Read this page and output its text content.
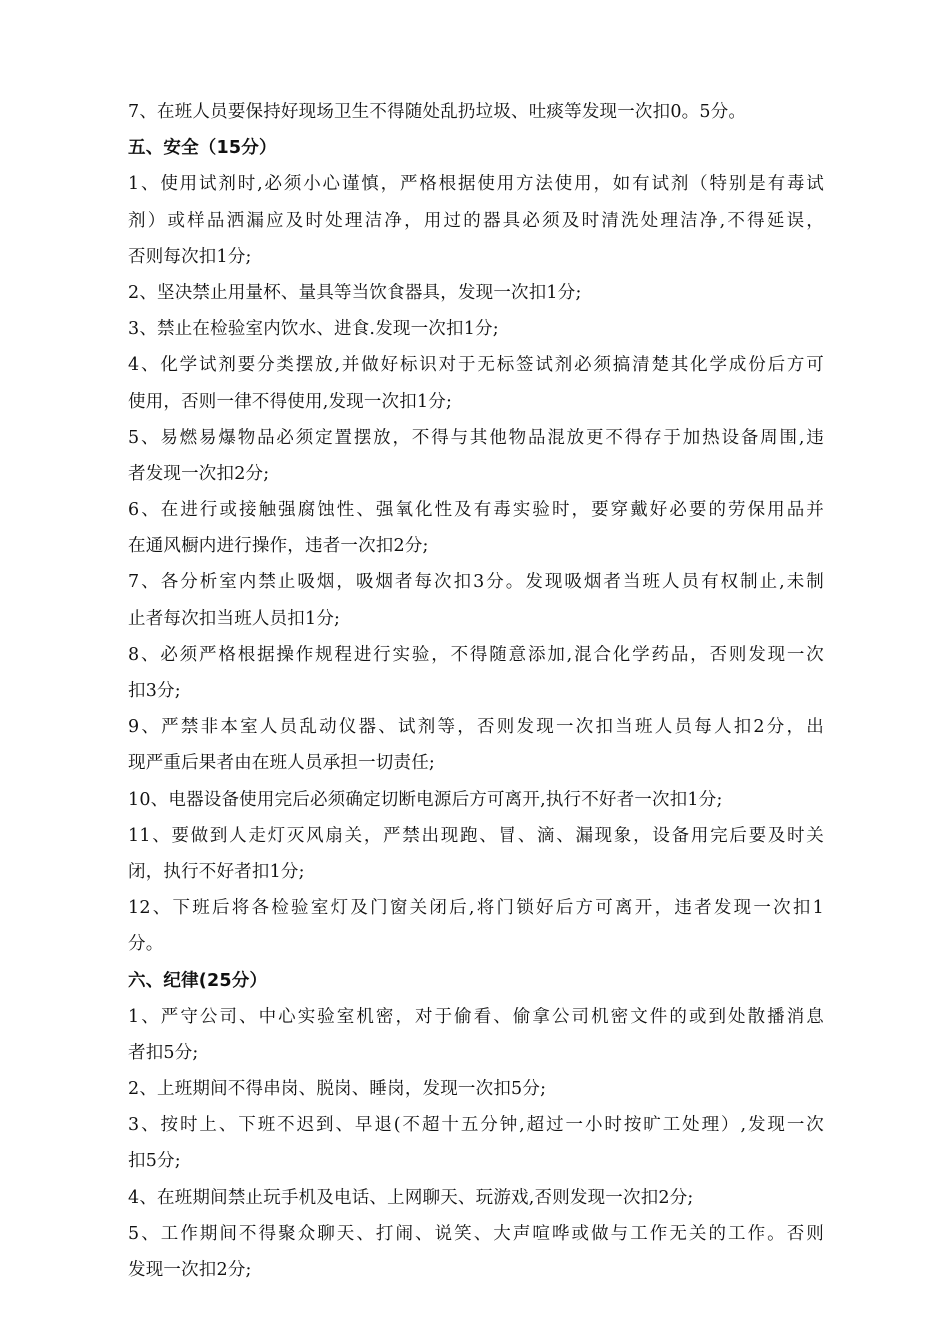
7、在班人员要保持好现场卫生不得随处乱扔垃圾、吐痰等发现一次扣0。5分。
五、安全（15分）
1、使用试剂时,必须小心谨慎，严格根据使用方法使用，如有试剂（特别是有毒试
剂）或样品洒漏应及时处理洁净，用过的器具必须及时清洗处理洁净,不得延误，
否则每次扣1分;
2、坚决禁止用量杯、量具等当饮食器具，发现一次扣1分;
3、禁止在检验室内饮水、进食.发现一次扣1分;
4、化学试剂要分类摆放,并做好标识对于无标签试剂必须搞清楚其化学成份后方可
使用，否则一律不得使用,发现一次扣1分;
5、易燃易爆物品必须定置摆放，不得与其他物品混放更不得存于加热设备周围,违
者发现一次扣2分;
6、在进行或接触强腐蚀性、强氧化性及有毒实验时，要穿戴好必要的劳保用品并
在通风橱内进行操作，违者一次扣2分;
7、各分析室内禁止吸烟，吸烟者每次扣3分。发现吸烟者当班人员有权制止,未制
止者每次扣当班人员扣1分;
8、必须严格根据操作规程进行实验，不得随意添加,混合化学药品，否则发现一次
扣3分;
9、严禁非本室人员乱动仪器、试剂等，否则发现一次扣当班人员每人扣2分，出
现严重后果者由在班人员承担一切责任;
10、电器设备使用完后必须确定切断电源后方可离开,执行不好者一次扣1分;
11、要做到人走灯灭风扇关，严禁出现跑、冒、滴、漏现象，设备用完后要及时关
闭，执行不好者扣1分;
12、下班后将各检验室灯及门窗关闭后,将门锁好后方可离开，违者发现一次扣1
分。
六、纪律(25分）
1、严守公司、中心实验室机密，对于偷看、偷拿公司机密文件的或到处散播消息
者扣5分;
2、上班期间不得串岗、脱岗、睡岗，发现一次扣5分;
3、按时上、下班不迟到、早退(不超十五分钟,超过一小时按旷工处理）,发现一次
扣5分;
4、在班期间禁止玩手机及电话、上网聊天、玩游戏,否则发现一次扣2分;
5、工作期间不得聚众聊天、打闹、说笑、大声喧哗或做与工作无关的工作。否则
发现一次扣2分;
